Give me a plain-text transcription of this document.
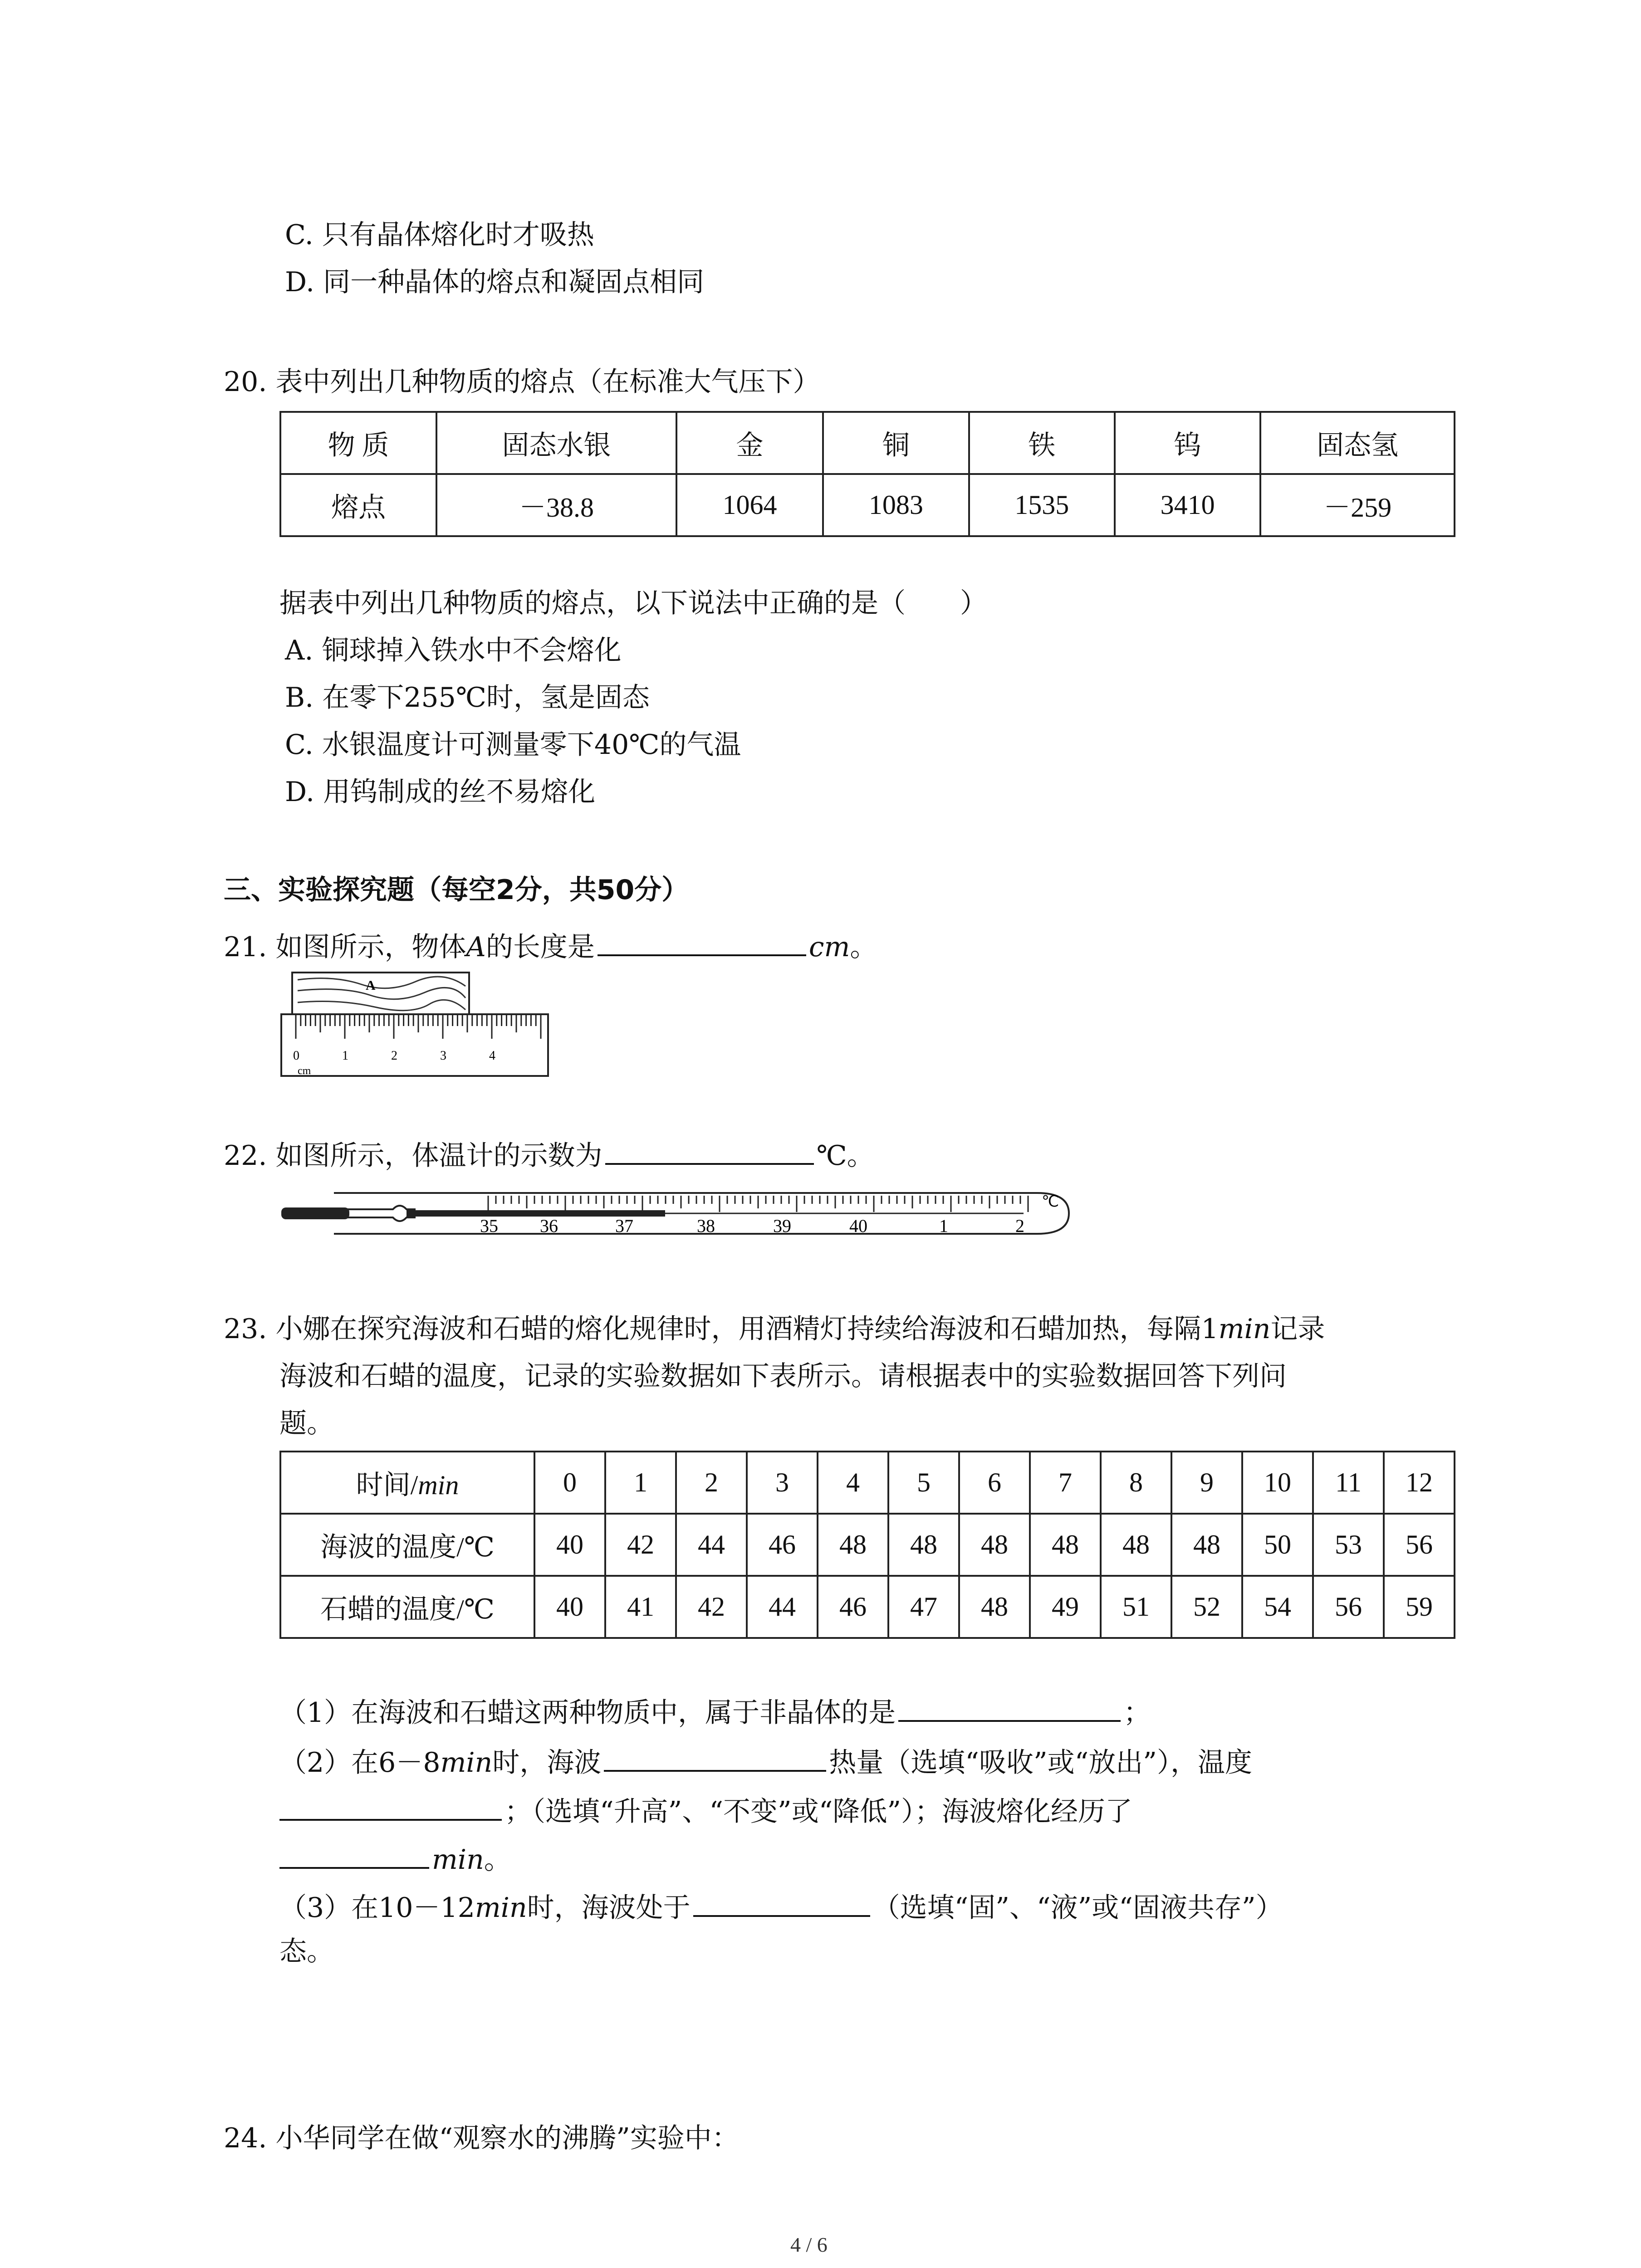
C. 只有晶体熔化时才吸热
D. 同一种晶体的熔点和凝固点相同
20. 表中列出几种物质的熔点（在标准大气压下）
物 质	固态水银	金	铜	铁	钨	固态氢
熔点	－38.8	1064	1083	1535	3410	－259
据表中列出几种物质的熔点，以下说法中正确的是（　　）
A. 铜球掉入铁水中不会熔化
B. 在零下255℃时，氢是固态
C. 水银温度计可测量零下40℃的气温
D. 用钨制成的丝不易熔化
三、实验探究题（每空2分，共50分）
21. 如图所示，物体A的长度是	cm。
A
0	1	2	3	4
cm
22. 如图所示，体温计的示数为	℃。
35 36	37	38	39	40	1	2
℃
23. 小娜在探究海波和石蜡的熔化规律时，用酒精灯持续给海波和石蜡加热，每隔1min记录
海波和石蜡的温度，记录的实验数据如下表所示。请根据表中的实验数据回答下列问
题。
时间/min	0	1	2	3	4	5	6	7	8	9	10	11	12
海波的温度/℃	40	42	44	46	48	48	48	48	48	48	50	53	56
石蜡的温度/℃	40	41	42	44	46	47	48	49	51	52	54	56	59
（1）在海波和石蜡这两种物质中，属于非晶体的是	；
（2）在6－8min时，海波	热量（选填“吸收”或“放出”），温度
；（选填“升高”、“不变”或“降低”）；海波熔化经历了
min。
（3）在10－12min时，海波处于	（选填“固”、“液”或“固液共存”）
态。
24. 小华同学在做“观察水的沸腾”实验中：
4 / 6
